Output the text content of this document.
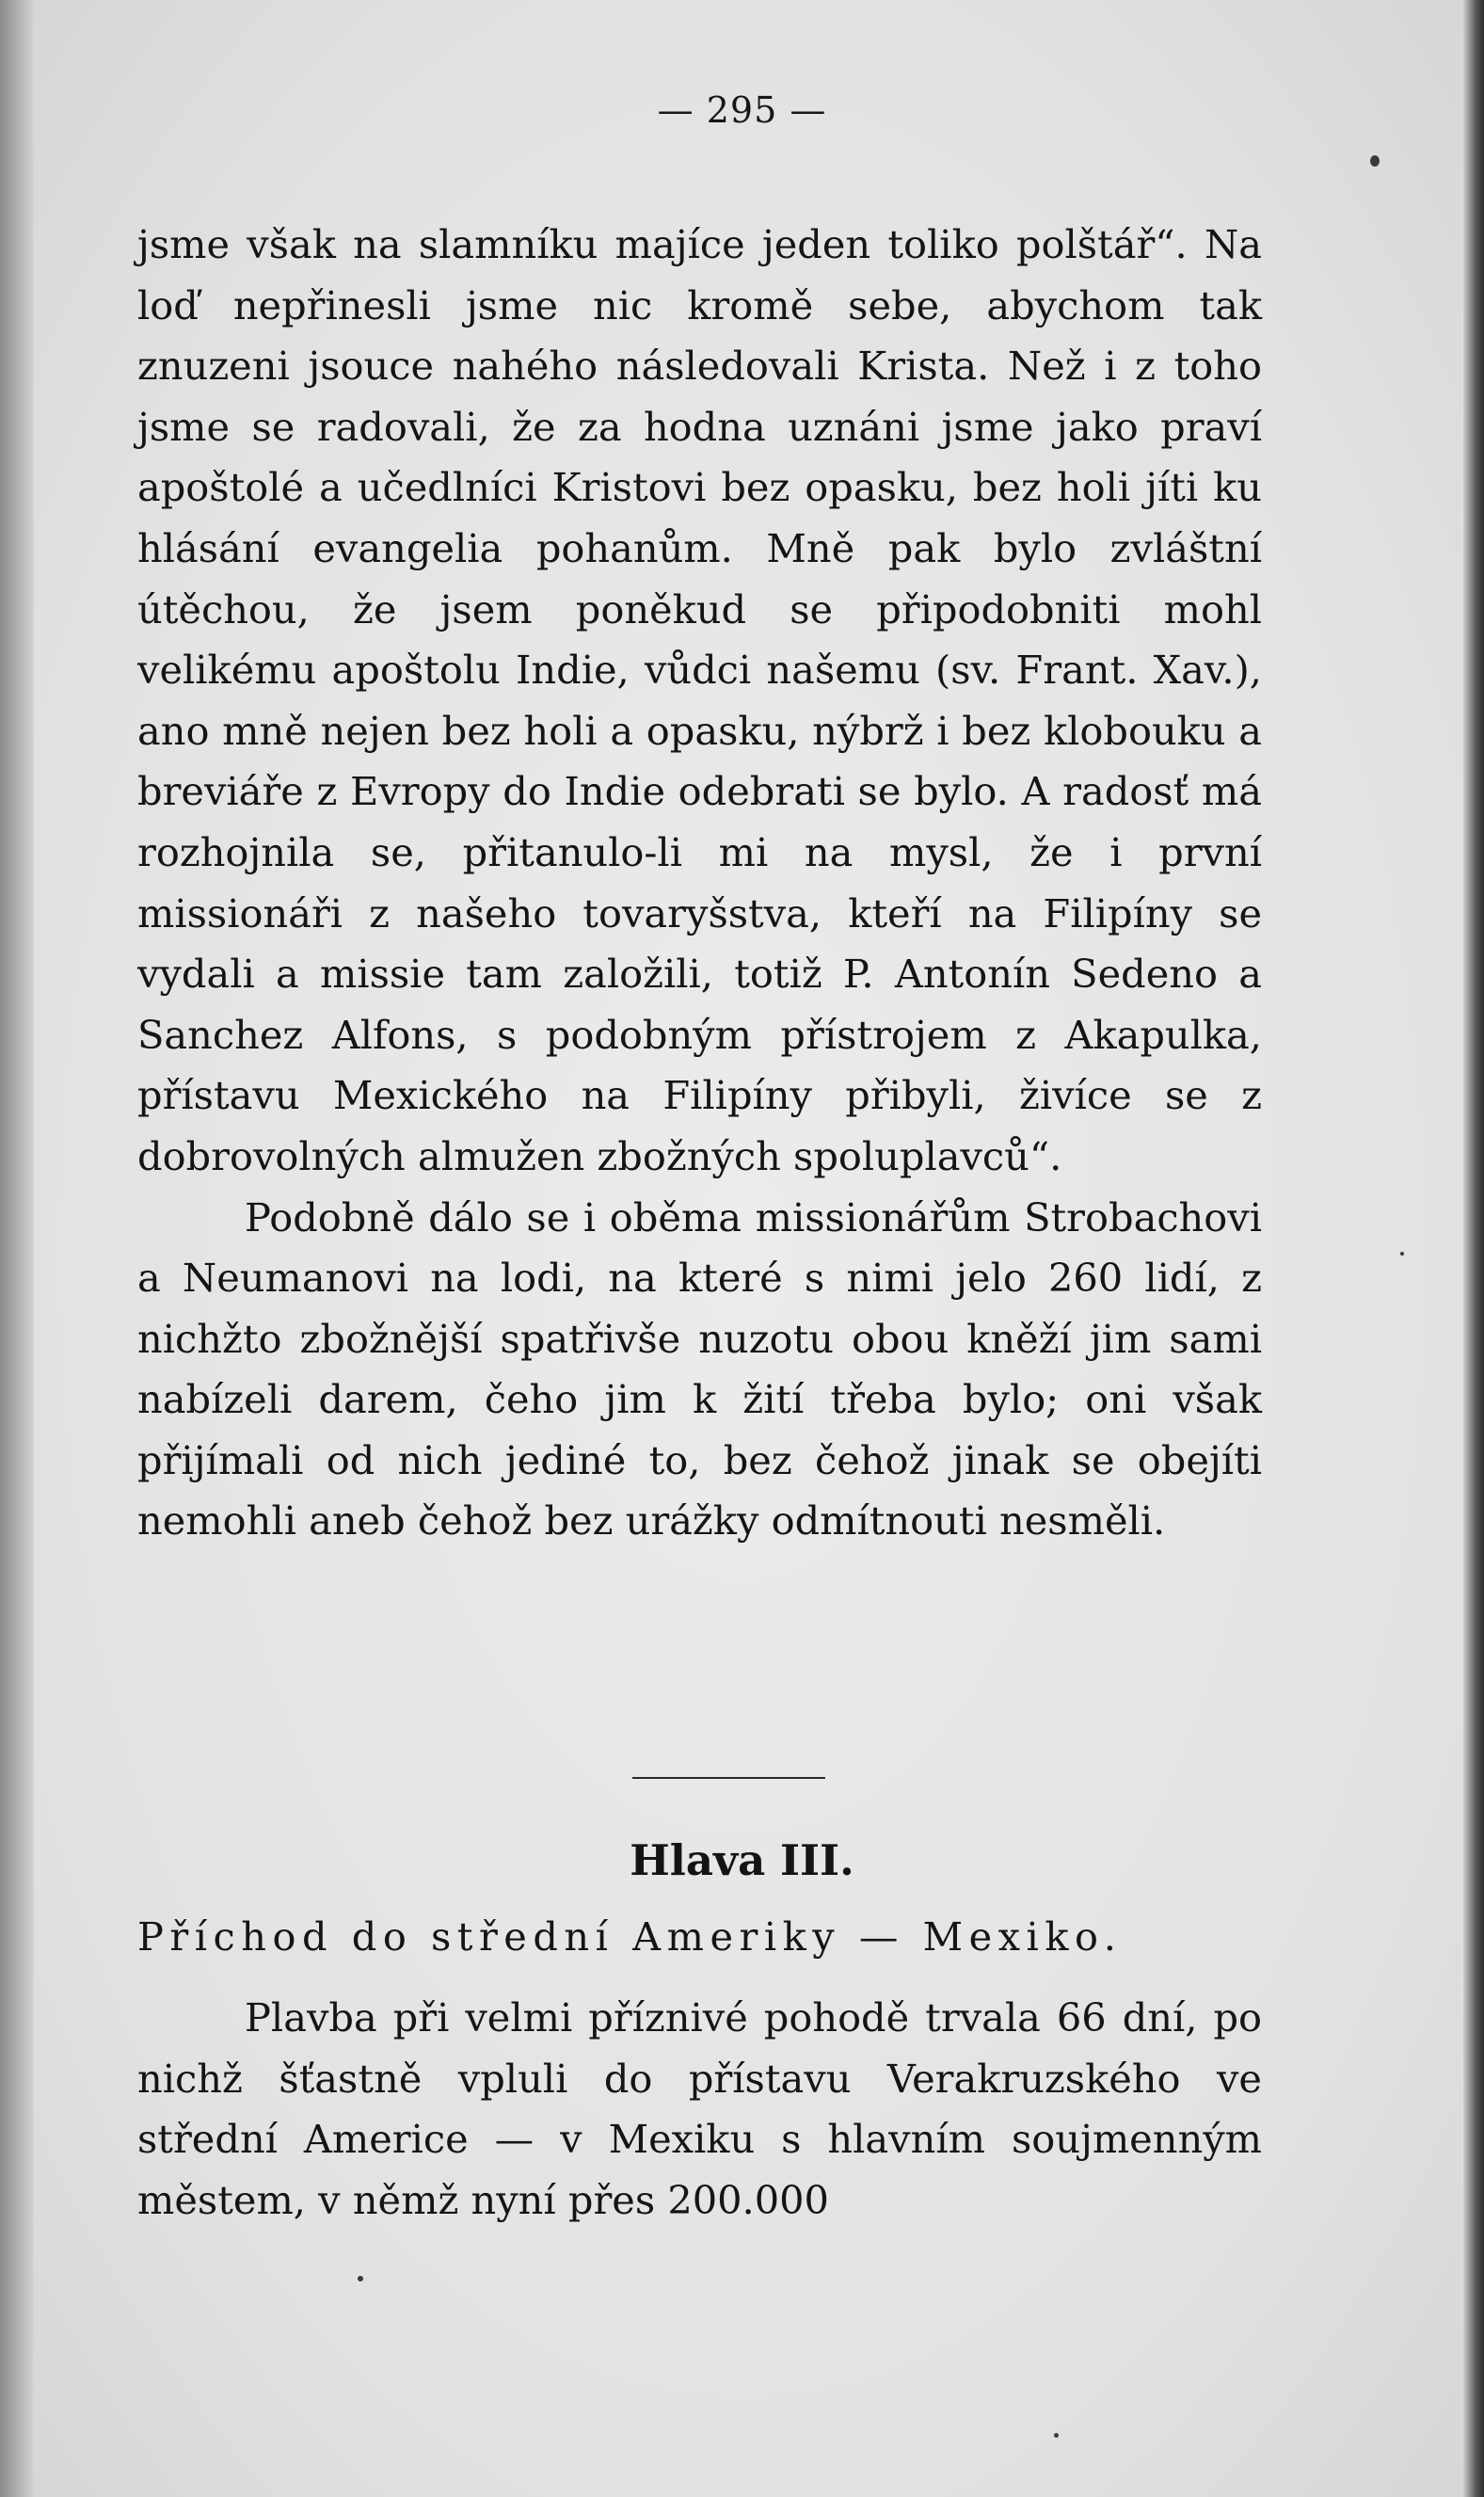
— 295 —

jsme však na slamníku majíce jeden toliko polštář“. Na loď nepřinesli jsme nic kromě sebe, abychom tak znuzeni jsouce nahého následovali Krista. Než i z toho jsme se radovali, že za hodna uznáni jsme jako praví apoštolé a učedlníci Kristovi bez opasku, bez holi jíti ku hlásání evangelia pohanům. Mně pak bylo zvláštní útěchou, že jsem poněkud se připodobniti mohl velikému apoštolu Indie, vůdci našemu (sv. Frant. Xav.), ano mně nejen bez holi a opasku, nýbrž i bez klobouku a breviáře z Evropy do Indie odebrati se bylo. A radosť má rozhojnila se, přitanulo-li mi na mysl, že i první missionáři z našeho tovaryšstva, kteří na Filipíny se vydali a missie tam založili, totiž P. Antonín Sedeno a Sanchez Alfons, s podobným přístrojem z Akapulka, přístavu Mexického na Filipíny přibyli, živíce se z dobrovolných almužen zbožných spoluplavců“.

Podobně dálo se i oběma missionářům Strobachovi a Neumanovi na lodi, na které s nimi jelo 260 lidí, z nichžto zbožnější spatřivše nuzotu obou kněží jim sami nabízeli darem, čeho jim k žití třeba bylo; oni však přijímali od nich jediné to, bez čehož jinak se obejíti nemohli aneb čehož bez urážky odmítnouti nesměli.

Hlava III.
Příchod do střední Ameriky — Mexiko.

Plavba při velmi příznivé pohodě trvala 66 dní, po nichž šťastně vpluli do přístavu Verakruzského ve střední Americe — v Mexiku s hlavním soujmenným městem, v němž nyní přes 200.000
